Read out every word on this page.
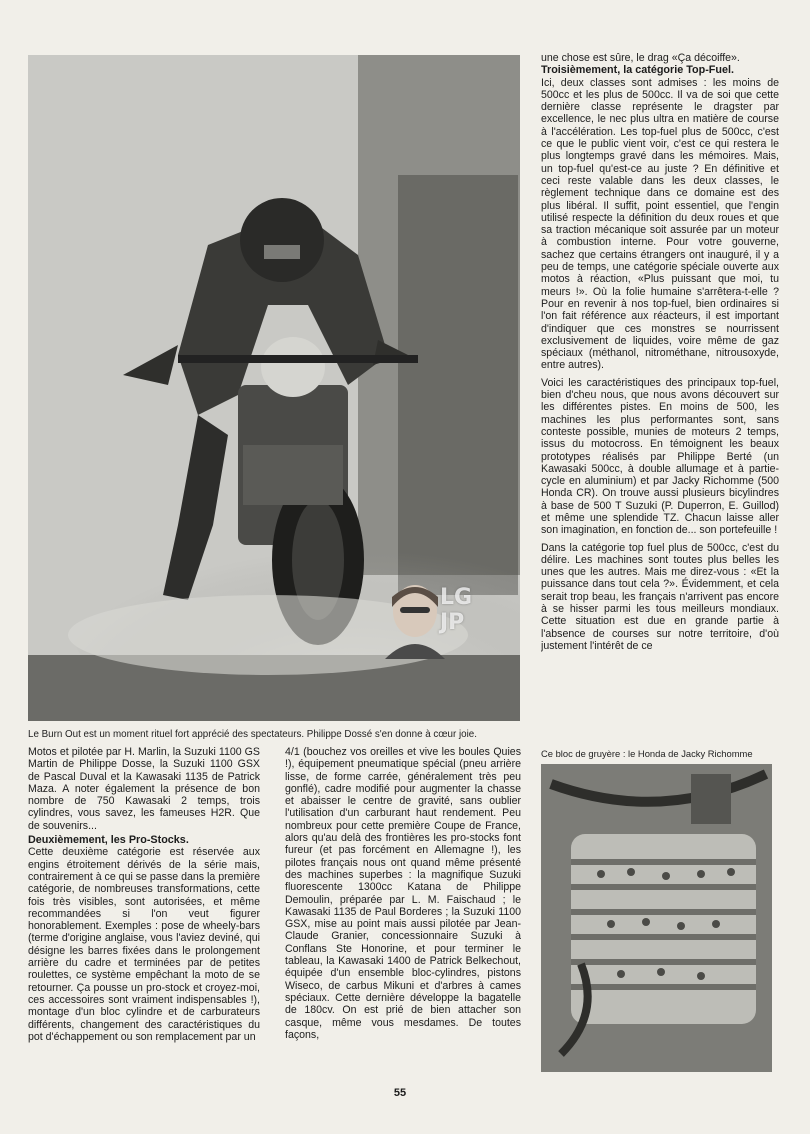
LG JP
Le Burn Out est un moment rituel fort apprécié des spectateurs. Philippe Dossé s'en donne à cœur joie.

une chose est sûre, le drag «Ça décoiffe».

Troisièmement, la catégorie Top-Fuel.

Ici, deux classes sont admises : les moins de 500cc et les plus de 500cc. Il va de soi que cette dernière classe représente le dragster par excellence, le nec plus ultra en matière de course à l'accélération. Les top-fuel plus de 500cc, c'est ce que le public vient voir, c'est ce qui restera le plus longtemps gravé dans les mémoires. Mais, un top-fuel qu'est-ce au juste ? En définitive et ceci reste valable dans les deux classes, le règlement technique dans ce domaine est des plus libéral. Il suffit, point essentiel, que l'engin utilisé respecte la définition du deux roues et que sa traction mécanique soit assurée par un moteur à combustion interne. Pour votre gouverne, sachez que certains étrangers ont inauguré, il y a peu de temps, une catégorie spéciale ouverte aux motos à réaction, «Plus puissant que moi, tu meurs !». Où la folie humaine s'arrêtera-t-elle ? Pour en revenir à nos top-fuel, bien ordinaires si l'on fait référence aux réacteurs, il est important d'indiquer que ces monstres se nourrissent exclusivement de liquides, voire même de gaz spéciaux (méthanol, nitrométhane, nitrousoxyde, entre autres).

Voici les caractéristiques des principaux top-fuel, bien d'cheu nous, que nous avons découvert sur les différentes pistes. En moins de 500, les machines les plus performantes sont, sans conteste possible, munies de moteurs 2 temps, issus du motocross. En témoignent les beaux prototypes réalisés par Philippe Berté (un Kawasaki 500cc, à double allumage et à partie-cycle en aluminium) et par Jacky Richomme (500 Honda CR). On trouve aussi plusieurs bicylindres à base de 500 T Suzuki (P. Duperron, E. Guillod) et même une splendide TZ. Chacun laisse aller son imagination, en fonction de... son portefeuille !

Dans la catégorie top fuel plus de 500cc, c'est du délire. Les machines sont toutes plus belles les unes que les autres. Mais me direz-vous : «Et la puissance dans tout cela ?». Évidemment, et cela serait trop beau, les français n'arrivent pas encore à se hisser parmi les tous meilleurs mondiaux. Cette situation est due en grande partie à l'absence de courses sur notre territoire, d'où justement l'intérêt de ce

Ce bloc de gruyère : le Honda de Jacky Richomme

Motos et pilotée par H. Marlin, la Suzuki 1100 GS Martin de Philippe Dosse, la Suzuki 1100 GSX de Pascal Duval et la Kawasaki 1135 de Patrick Maza. A noter également la présence de bon nombre de 750 Kawasaki 2 temps, trois cylindres, vous savez, les fameuses H2R. Que de souvenirs...

Deuxièmement, les Pro-Stocks.

Cette deuxième catégorie est réservée aux engins étroitement dérivés de la série mais, contrairement à ce qui se passe dans la première catégorie, de nombreuses transformations, cette fois très visibles, sont autorisées, et même recommandées si l'on veut figurer honorablement. Exemples : pose de wheely-bars (terme d'origine anglaise, vous l'aviez deviné, qui désigne les barres fixées dans le prolongement arrière du cadre et terminées par de petites roulettes, ce système empêchant la moto de se retourner. Ça pousse un pro-stock et croyez-moi, ces accessoires sont vraiment indispensables !), montage d'un bloc cylindre et de carburateurs différents, changement des caractéristiques du pot d'échappement ou son remplacement par un

4/1 (bouchez vos oreilles et vive les boules Quies !), équipement pneumatique spécial (pneu arrière lisse, de forme carrée, généralement très peu gonflé), cadre modifié pour augmenter la chasse et abaisser le centre de gravité, sans oublier l'utilisation d'un carburant haut rendement. Peu nombreux pour cette première Coupe de France, alors qu'au delà des frontières les pro-stocks font fureur (et pas forcément en Allemagne !), les pilotes français nous ont quand même présenté des machines superbes : la magnifique Suzuki fluorescente 1300cc Katana de Philippe Demoulin, préparée par L. M. Faischaud ; le Kawasaki 1135 de Paul Borderes ; la Suzuki 1100 GSX, mise au point mais aussi pilotée par Jean-Claude Granier, concessionnaire Suzuki à Conflans Ste Honorine, et pour terminer le tableau, la Kawasaki 1400 de Patrick Belkechout, équipée d'un ensemble bloc-cylindres, pistons Wiseco, de carbus Mikuni et d'arbres à cames spéciaux. Cette dernière développe la bagatelle de 180cv. On est prié de bien attacher son casque, même vous mesdames. De toutes façons,

55
